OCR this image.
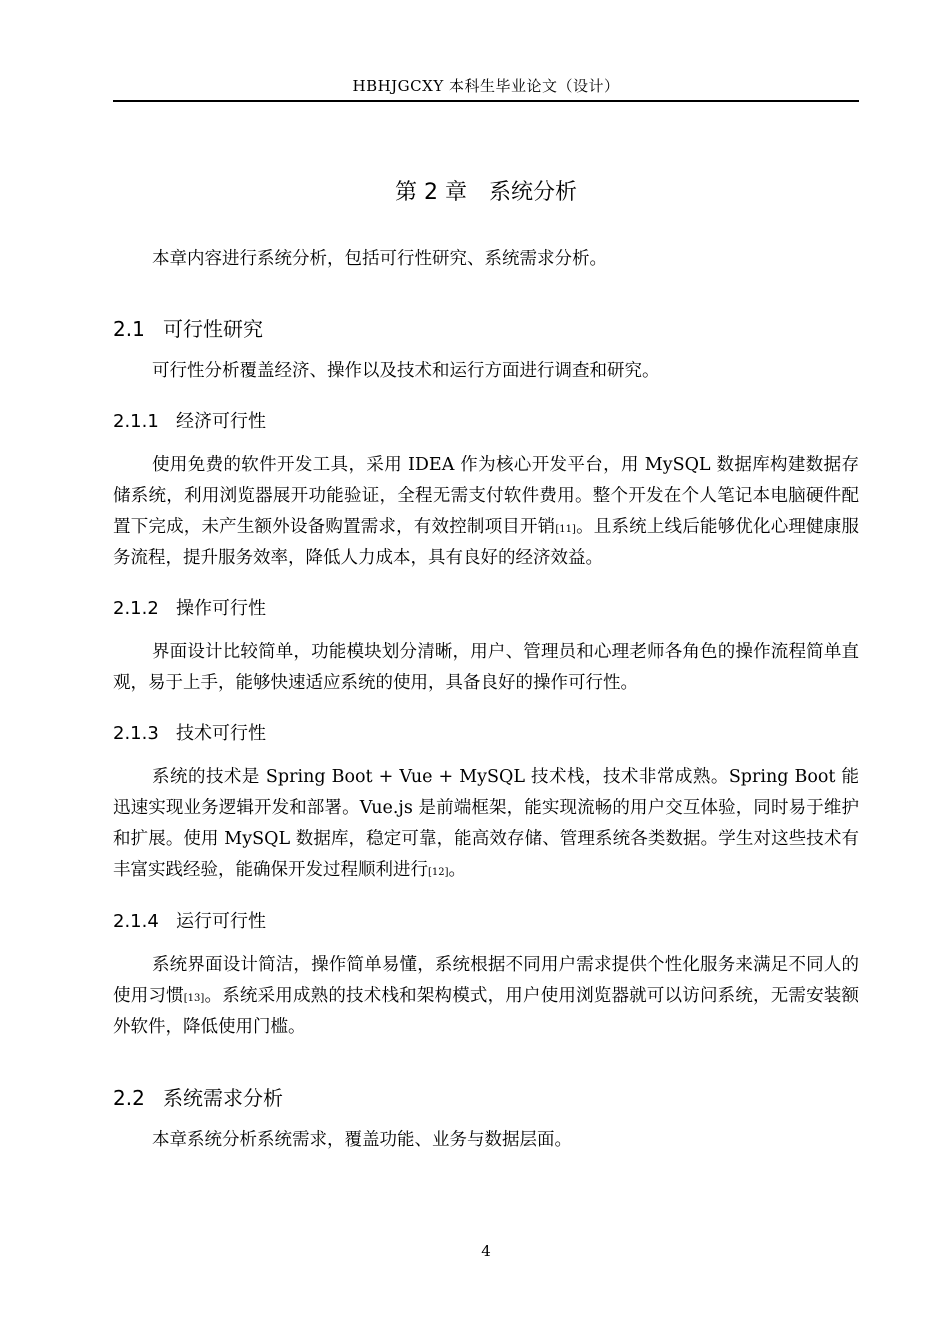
HBHJGCXY 本科生毕业论文（设计）
第 2 章 系统分析
本章内容进行系统分析，包括可行性研究、系统需求分析。
2.1 可行性研究
可行性分析覆盖经济、操作以及技术和运行方面进行调查和研究。
2.1.1 经济可行性
使用免费的软件开发工具，采用 IDEA 作为核心开发平台，用 MySQL 数据库构建数据存储系统，利用浏览器展开功能验证，全程无需支付软件费用。整个开发在个人笔记本电脑硬件配置下完成，未产生额外设备购置需求，有效控制项目开销[11]。且系统上线后能够优化心理健康服务流程，提升服务效率，降低人力成本，具有良好的经济效益。
2.1.2 操作可行性
界面设计比较简单，功能模块划分清晰，用户、管理员和心理老师各角色的操作流程简单直观，易于上手，能够快速适应系统的使用，具备良好的操作可行性。
2.1.3 技术可行性
系统的技术是 Spring Boot + Vue + MySQL 技术栈，技术非常成熟。Spring Boot 能迅速实现业务逻辑开发和部署。Vue.js 是前端框架，能实现流畅的用户交互体验，同时易于维护和扩展。使用 MySQL 数据库，稳定可靠，能高效存储、管理系统各类数据。学生对这些技术有丰富实践经验，能确保开发过程顺利进行[12]。
2.1.4 运行可行性
系统界面设计简洁，操作简单易懂，系统根据不同用户需求提供个性化服务来满足不同人的使用习惯[13]。系统采用成熟的技术栈和架构模式，用户使用浏览器就可以访问系统，无需安装额外软件，降低使用门槛。
2.2 系统需求分析
本章系统分析系统需求，覆盖功能、业务与数据层面。
4
